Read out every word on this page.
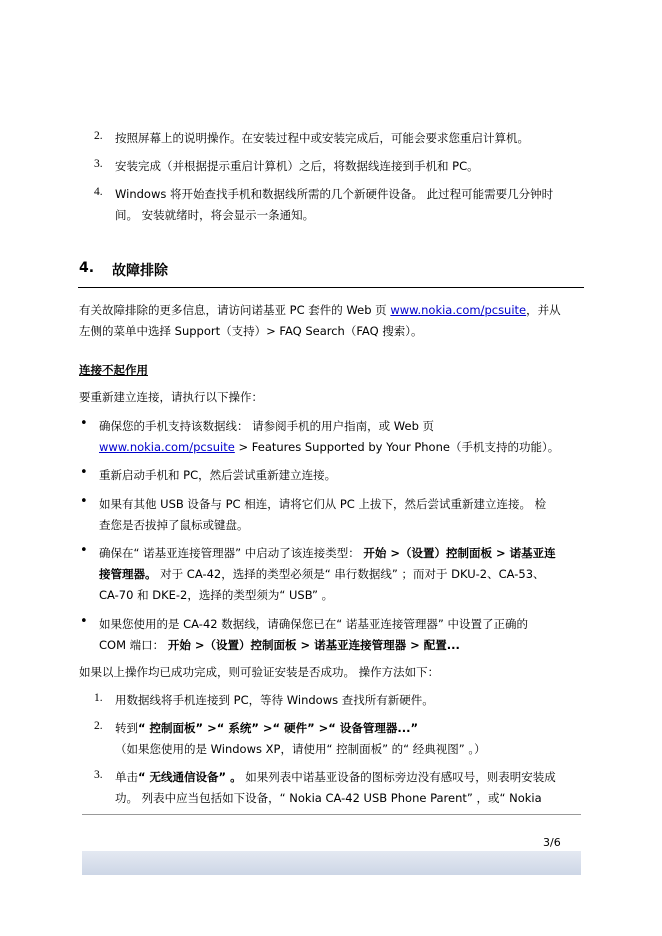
2. 按照屏幕上的说明操作。在安装过程中或安装完成后，可能会要求您重启计算机。
3. 安装完成（并根据提示重启计算机）之后，将数据线连接到手机和 PC。
4. Windows 将开始查找手机和数据线所需的几个新硬件设备。 此过程可能需要几分钟时
间。 安装就绪时，将会显示一条通知。
4. 故障排除
有关故障排除的更多信息，请访问诺基亚 PC 套件的 Web 页 www.nokia.com/pcsuite，并从
左侧的菜单中选择 Support（支持）> FAQ Search（FAQ 搜索）。
连接不起作用
要重新建立连接，请执行以下操作：
• 确保您的手机支持该数据线： 请参阅手机的用户指南，或 Web 页
www.nokia.com/pcsuite > Features Supported by Your Phone（手机支持的功能）。
• 重新启动手机和 PC，然后尝试重新建立连接。
• 如果有其他 USB 设备与 PC 相连，请将它们从 PC 上拔下，然后尝试重新建立连接。 检
查您是否拔掉了鼠标或键盘。
• 确保在“ 诺基亚连接管理器” 中启动了该连接类型： 开始 >（设置）控制面板 > 诺基亚连
接管理器。 对于 CA-42，选择的类型必须是“ 串行数据线” ；而对于 DKU-2、CA-53、
CA-70 和 DKE-2，选择的类型须为“ USB” 。
• 如果您使用的是 CA-42 数据线，请确保您已在“ 诺基亚连接管理器” 中设置了正确的
COM 端口： 开始 >（设置）控制面板 > 诺基亚连接管理器 > 配置...
如果以上操作均已成功完成，则可验证安装是否成功。 操作方法如下：
1. 用数据线将手机连接到 PC，等待 Windows 查找所有新硬件。
2. 转到“ 控制面板” >“ 系统” >“ 硬件” >“ 设备管理器...”
（如果您使用的是 Windows XP，请使用“ 控制面板” 的“ 经典视图” 。）
3. 单击“ 无线通信设备” 。 如果列表中诺基亚设备的图标旁边没有感叹号，则表明安装成
功。 列表中应当包括如下设备，“ Nokia CA-42 USB Phone Parent” ，或“ Nokia
3/6
